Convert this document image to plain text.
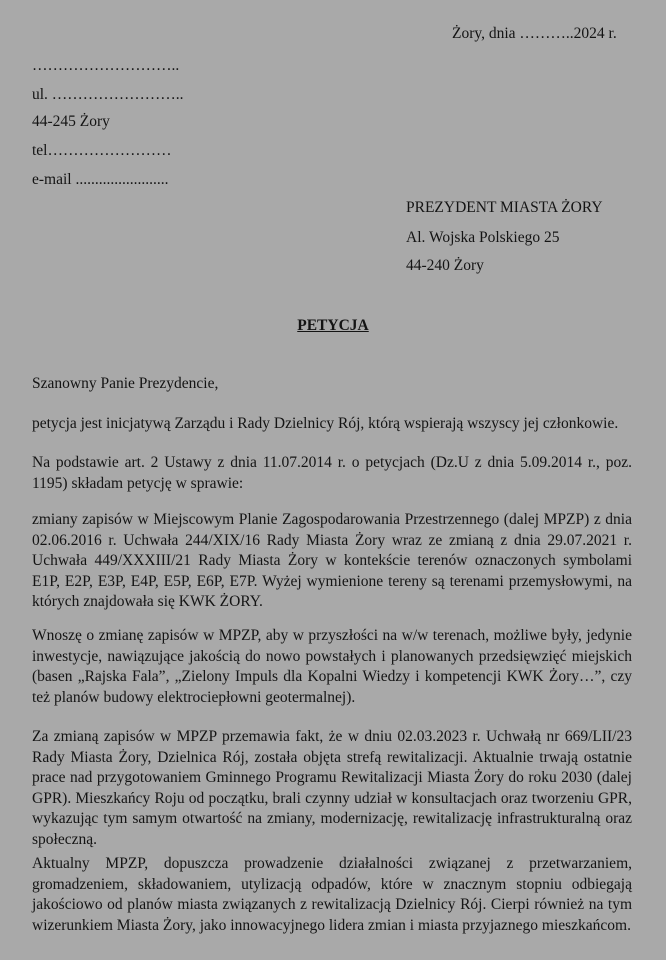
Żory, dnia ………..2024 r.
………………………..
ul. ……………………..
44-245 Żory
tel……………………
e-mail ........................
PREZYDENT MIASTA ŻORY
Al. Wojska Polskiego 25
44-240 Żory
PETYCJA
Szanowny Panie Prezydencie,
petycja jest inicjatywą Zarządu i Rady Dzielnicy Rój, którą wspierają wszyscy jej członkowie.
Na podstawie art. 2 Ustawy z dnia 11.07.2014 r. o petycjach (Dz.U z dnia 5.09.2014 r., poz. 1195) składam petycję w sprawie:
zmiany zapisów w Miejscowym Planie Zagospodarowania Przestrzennego (dalej MPZP) z dnia 02.06.2016 r. Uchwała 244/XIX/16 Rady Miasta Żory wraz ze zmianą z dnia 29.07.2021 r. Uchwała 449/XXXIII/21 Rady Miasta Żory w kontekście terenów oznaczonych symbolami E1P, E2P, E3P, E4P, E5P, E6P, E7P. Wyżej wymienione tereny są terenami przemysłowymi, na których znajdowała się KWK ŻORY.
Wnoszę o zmianę zapisów w MPZP, aby w przyszłości na w/w terenach, możliwe były, jedynie inwestycje, nawiązujące jakością do nowo powstałych i planowanych przedsięwzięć miejskich (basen „Rajska Fala”, „Zielony Impuls dla Kopalni Wiedzy i kompetencji KWK Żory…”, czy też planów budowy elektrociepłowni geotermalnej).
Za zmianą zapisów w MPZP przemawia fakt, że w dniu 02.03.2023 r. Uchwałą nr 669/LII/23 Rady Miasta Żory, Dzielnica Rój, została objęta strefą rewitalizacji. Aktualnie trwają ostatnie prace nad przygotowaniem Gminnego Programu Rewitalizacji Miasta Żory do roku 2030 (dalej GPR). Mieszkańcy Roju od początku, brali czynny udział w konsultacjach oraz tworzeniu GPR, wykazując tym samym otwartość na zmiany, modernizację, rewitalizację infrastrukturalną oraz społeczną.
Aktualny MPZP, dopuszcza prowadzenie działalności związanej z przetwarzaniem, gromadzeniem, składowaniem, utylizacją odpadów, które w znacznym stopniu odbiegają jakościowo od planów miasta związanych z rewitalizacją Dzielnicy Rój. Cierpi również na tym wizerunkiem Miasta Żory, jako innowacyjnego lidera zmian i miasta przyjaznego mieszkańcom.
